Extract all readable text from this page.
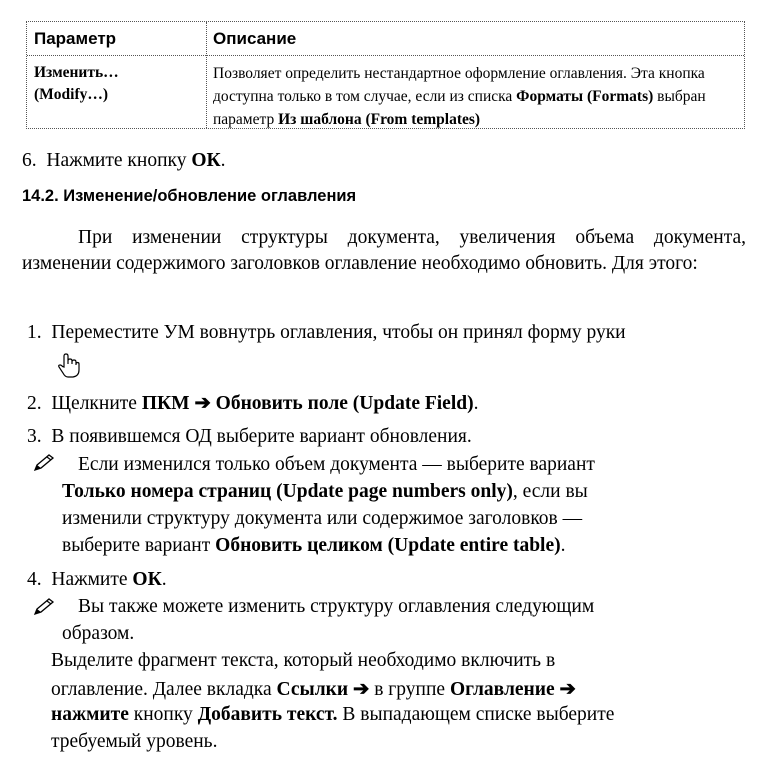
Параметр	Описание
Изменить…
(Modify…)
Позволяет определить нестандартное оформление оглавления. Эта кнопка доступна только в том случае, если из списка Форматы (Formats) выбран параметр Из шаблона (From templates)
6. Нажмите кнопку ОК.
14.2. Изменение/обновление оглавления
При изменении структуры документа, увеличения объема документа, изменении содержимого заголовков оглавление необходимо обновить. Для этого:
1. Переместите УМ вовнутрь оглавления, чтобы он принял форму руки
2. Щелкните ПКМ ➔ Обновить поле (Update Field).
3. В появившемся ОД выберите вариант обновления.
Если изменился только объем документа — выберите вариант
Только номера страниц (Update page numbers only), если вы
изменили структуру документа или содержимое заголовков —
выберите вариант Обновить целиком (Update entire table).
4. Нажмите ОК.
Вы также можете изменить структуру оглавления следующим
образом.
Выделите фрагмент текста, который необходимо включить в
оглавление. Далее вкладка Ссылки ➔ в группе Оглавление ➔
нажмите кнопку Добавить текст. В выпадающем списке выберите
требуемый уровень.
